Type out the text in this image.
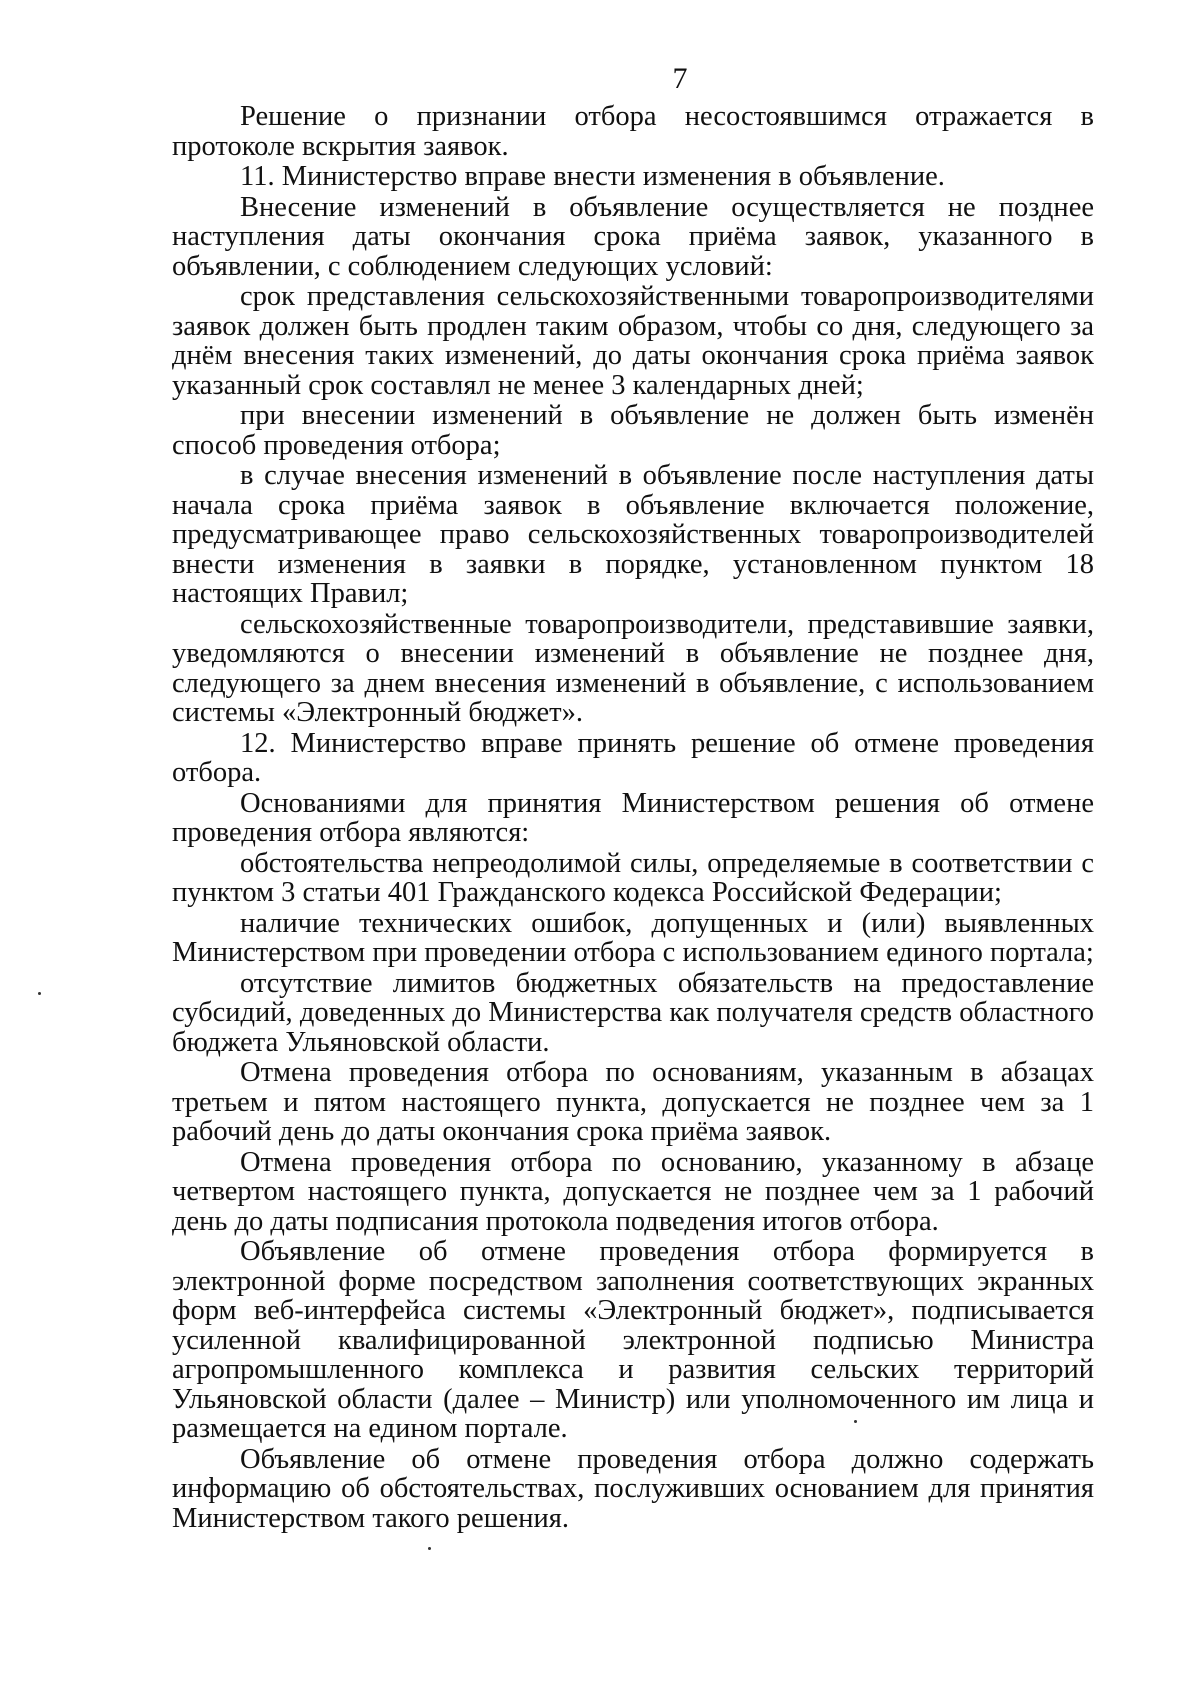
7

Решение о признании отбора несостоявшимся отражается в протоколе вскрытия заявок.

11. Министерство вправе внести изменения в объявление.

Внесение изменений в объявление осуществляется не позднее наступления даты окончания срока приёма заявок, указанного в объявлении, с соблюдением следующих условий:

срок представления сельскохозяйственными товаропроизводителями заявок должен быть продлен таким образом, чтобы со дня, следующего за днём внесения таких изменений, до даты окончания срока приёма заявок указанный срок составлял не менее 3 календарных дней;

при внесении изменений в объявление не должен быть изменён способ проведения отбора;

в случае внесения изменений в объявление после наступления даты начала срока приёма заявок в объявление включается положение, предусматривающее право сельскохозяйственных товаропроизводителей внести изменения в заявки в порядке, установленном пунктом 18 настоящих Правил;

сельскохозяйственные товаропроизводители, представившие заявки, уведомляются о внесении изменений в объявление не позднее дня, следующего за днем внесения изменений в объявление, с использованием системы «Электронный бюджет».

12. Министерство вправе принять решение об отмене проведения отбора.

Основаниями для принятия Министерством решения об отмене проведения отбора являются:

обстоятельства непреодолимой силы, определяемые в соответствии с пунктом 3 статьи 401 Гражданского кодекса Российской Федерации;

наличие технических ошибок, допущенных и (или) выявленных Министерством при проведении отбора с использованием единого портала;

отсутствие лимитов бюджетных обязательств на предоставление субсидий, доведенных до Министерства как получателя средств областного бюджета Ульяновской области.

Отмена проведения отбора по основаниям, указанным в абзацах третьем и пятом настоящего пункта, допускается не позднее чем за 1 рабочий день до даты окончания срока приёма заявок.

Отмена проведения отбора по основанию, указанному в абзаце четвертом настоящего пункта, допускается не позднее чем за 1 рабочий день до даты подписания протокола подведения итогов отбора.

Объявление об отмене проведения отбора формируется в электронной форме посредством заполнения соответствующих экранных форм веб-интерфейса системы «Электронный бюджет», подписывается усиленной квалифицированной электронной подписью Министра агропромышленного комплекса и развития сельских территорий Ульяновской области (далее – Министр) или уполномоченного им лица и размещается на едином портале.

Объявление об отмене проведения отбора должно содержать информацию об обстоятельствах, послуживших основанием для принятия Министерством такого решения.
